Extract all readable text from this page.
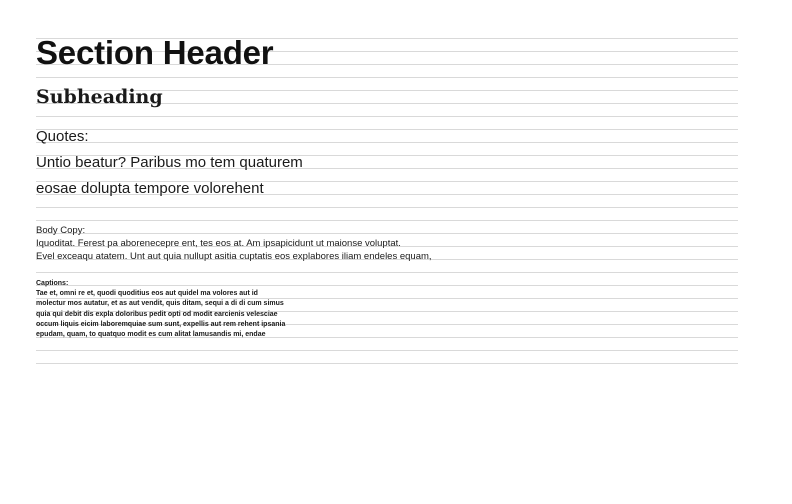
Section Header
Subheading

Quotes:

Untio beatur? Paribus mo tem quaturem

eosae dolupta tempore volorehent

Body Copy:

Iquoditat. Ferest pa aborenecepre ent, tes eos at. Am ipsapicidunt ut maionse voluptat.

Evel exceaqu atatem. Unt aut quia nullupt asitia cuptatis eos explabores iliam endeles equam,

Captions:

Tae et, omni re et, quodi quoditius eos aut quidel ma volores aut id

molectur mos autatur, et as aut vendit, quis ditam, sequi a di di cum simus

quia qui debit dis expla doloribus pedit opti od modit earcienis velesciae

occum liquis eicim laboremquiae sum sunt, expellis aut rem rehent ipsania

epudam, quam, to quatquo modit es cum alitat lamusandis mi, endae
